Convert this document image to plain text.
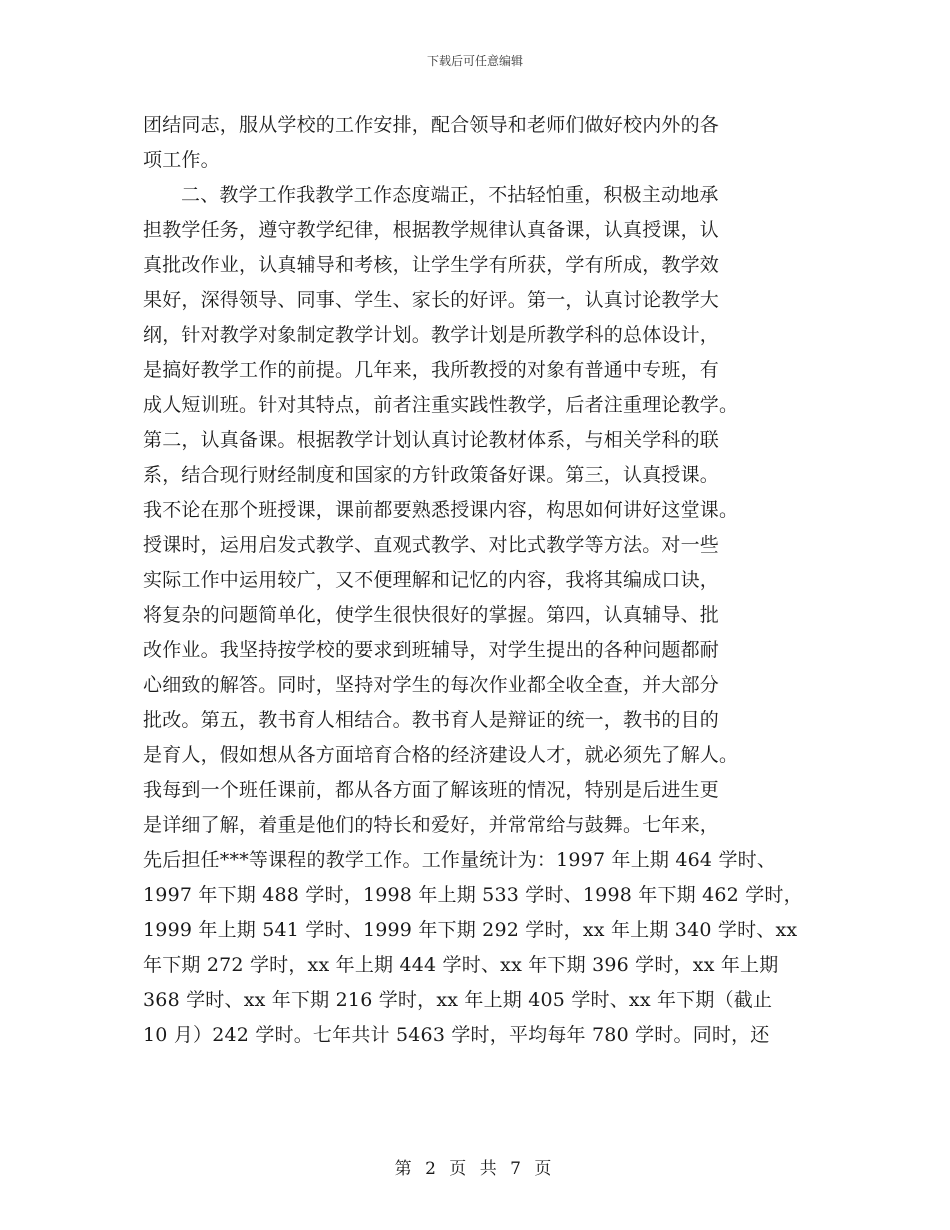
下载后可任意编辑
团结同志，服从学校的工作安排，配合领导和老师们做好校内外的各
项工作。
二、教学工作我教学工作态度端正，不拈轻怕重，积极主动地承
担教学任务，遵守教学纪律，根据教学规律认真备课，认真授课，认
真批改作业，认真辅导和考核，让学生学有所获，学有所成，教学效
果好，深得领导、同事、学生、家长的好评。第一，认真讨论教学大
纲，针对教学对象制定教学计划。教学计划是所教学科的总体设计，
是搞好教学工作的前提。几年来，我所教授的对象有普通中专班，有
成人短训班。针对其特点，前者注重实践性教学，后者注重理论教学。
第二，认真备课。根据教学计划认真讨论教材体系，与相关学科的联
系，结合现行财经制度和国家的方针政策备好课。第三，认真授课。
我不论在那个班授课，课前都要熟悉授课内容，构思如何讲好这堂课。
授课时，运用启发式教学、直观式教学、对比式教学等方法。对一些
实际工作中运用较广，又不便理解和记忆的内容，我将其编成口诀，
将复杂的问题简单化，使学生很快很好的掌握。第四，认真辅导、批
改作业。我坚持按学校的要求到班辅导，对学生提出的各种问题都耐
心细致的解答。同时，坚持对学生的每次作业都全收全查，并大部分
批改。第五，教书育人相结合。教书育人是辩证的统一，教书的目的
是育人，假如想从各方面培育合格的经济建设人才，就必须先了解人。
我每到一个班任课前，都从各方面了解该班的情况，特别是后进生更
是详细了解，着重是他们的特长和爱好，并常常给与鼓舞。七年来，
先后担任***等课程的教学工作。工作量统计为：1997 年上期 464 学时、
1997 年下期 488 学时，1998 年上期 533 学时、1998 年下期 462 学时，
1999 年上期 541 学时、1999 年下期 292 学时，xx 年上期 340 学时、xx
年下期 272 学时，xx 年上期 444 学时、xx 年下期 396 学时，xx 年上期
368 学时、xx 年下期 216 学时，xx 年上期 405 学时、xx 年下期（截止
10 月）242 学时。七年共计 5463 学时，平均每年 780 学时。同时，还
第 2 页 共 7 页
